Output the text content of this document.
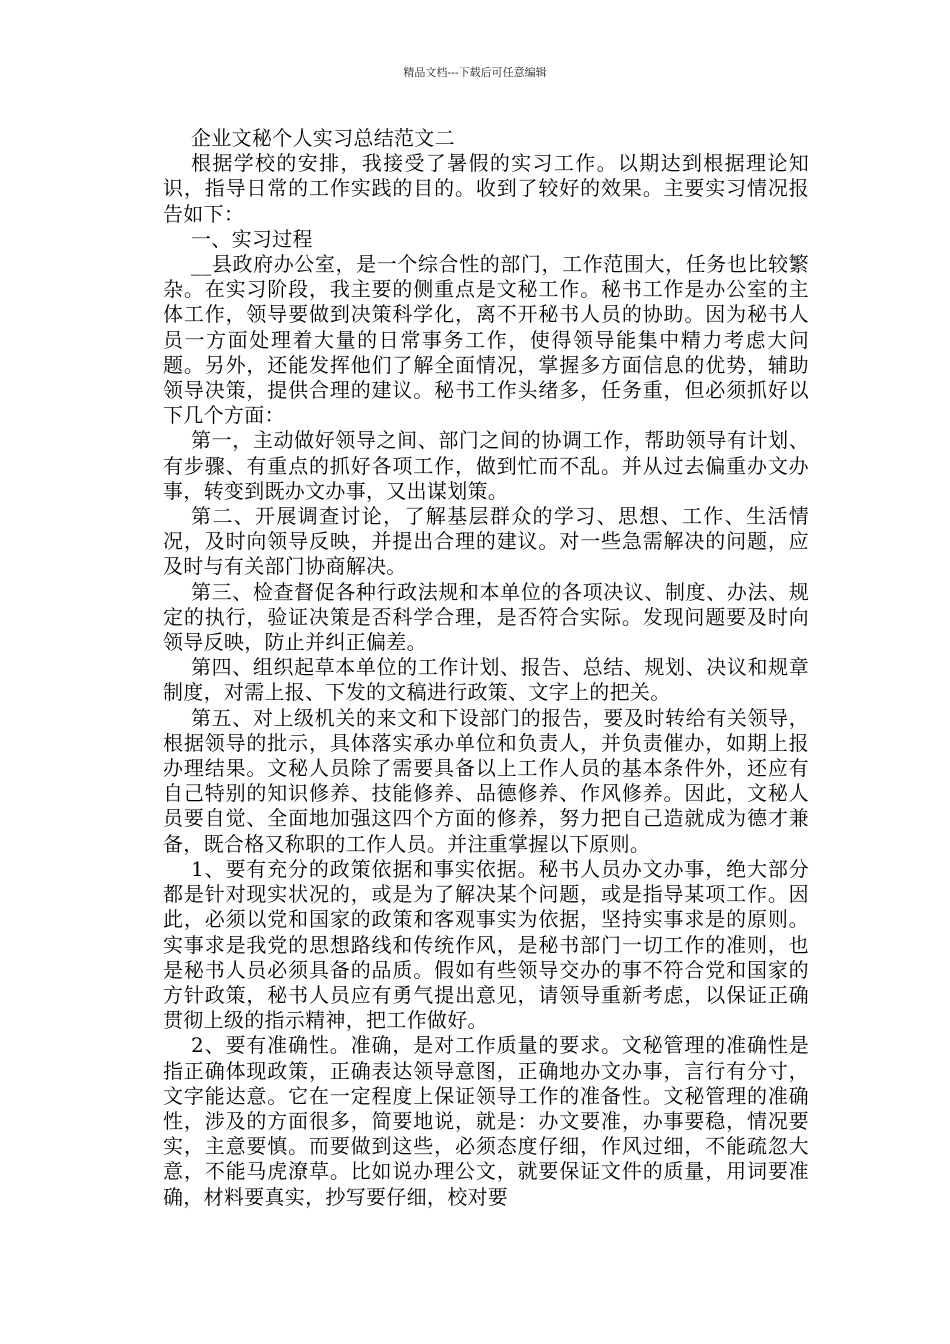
精品文档---下载后可任意编辑

企业文秘个人实习总结范文二

根据学校的安排，我接受了暑假的实习工作。以期达到根据理论知识，指导日常的工作实践的目的。收到了较好的效果。主要实习情况报告如下：

一、实习过程

__县政府办公室，是一个综合性的部门，工作范围大，任务也比较繁杂。在实习阶段，我主要的侧重点是文秘工作。秘书工作是办公室的主体工作，领导要做到决策科学化，离不开秘书人员的协助。因为秘书人员一方面处理着大量的日常事务工作，使得领导能集中精力考虑大问题。另外，还能发挥他们了解全面情况，掌握多方面信息的优势，辅助领导决策，提供合理的建议。秘书工作头绪多，任务重，但必须抓好以下几个方面：

第一，主动做好领导之间、部门之间的协调工作，帮助领导有计划、有步骤、有重点的抓好各项工作，做到忙而不乱。并从过去偏重办文办事，转变到既办文办事，又出谋划策。

第二、开展调查讨论，了解基层群众的学习、思想、工作、生活情况，及时向领导反映，并提出合理的建议。对一些急需解决的问题，应及时与有关部门协商解决。

第三、检查督促各种行政法规和本单位的各项决议、制度、办法、规定的执行，验证决策是否科学合理，是否符合实际。发现问题要及时向领导反映，防止并纠正偏差。

第四、组织起草本单位的工作计划、报告、总结、规划、决议和规章制度，对需上报、下发的文稿进行政策、文字上的把关。

第五、对上级机关的来文和下设部门的报告，要及时转给有关领导，根据领导的批示，具体落实承办单位和负责人，并负责催办，如期上报办理结果。文秘人员除了需要具备以上工作人员的基本条件外，还应有自己特别的知识修养、技能修养、品德修养、作风修养。因此，文秘人员要自觉、全面地加强这四个方面的修养，努力把自己造就成为德才兼备，既合格又称职的工作人员。并注重掌握以下原则。

1、要有充分的政策依据和事实依据。秘书人员办文办事，绝大部分都是针对现实状况的，或是为了解决某个问题，或是指导某项工作。因此，必须以党和国家的政策和客观事实为依据，坚持实事求是的原则。实事求是我党的思想路线和传统作风，是秘书部门一切工作的准则，也是秘书人员必须具备的品质。假如有些领导交办的事不符合党和国家的方针政策，秘书人员应有勇气提出意见，请领导重新考虑，以保证正确贯彻上级的指示精神，把工作做好。

2、要有准确性。准确，是对工作质量的要求。文秘管理的准确性是指正确体现政策，正确表达领导意图，正确地办文办事，言行有分寸，文字能达意。它在一定程度上保证领导工作的准备性。文秘管理的准确性，涉及的方面很多，简要地说，就是：办文要准，办事要稳，情况要实，主意要慎。而要做到这些，必须态度仔细，作风过细，不能疏忽大意，不能马虎潦草。比如说办理公文，就要保证文件的质量，用词要准确，材料要真实，抄写要仔细，校对要
